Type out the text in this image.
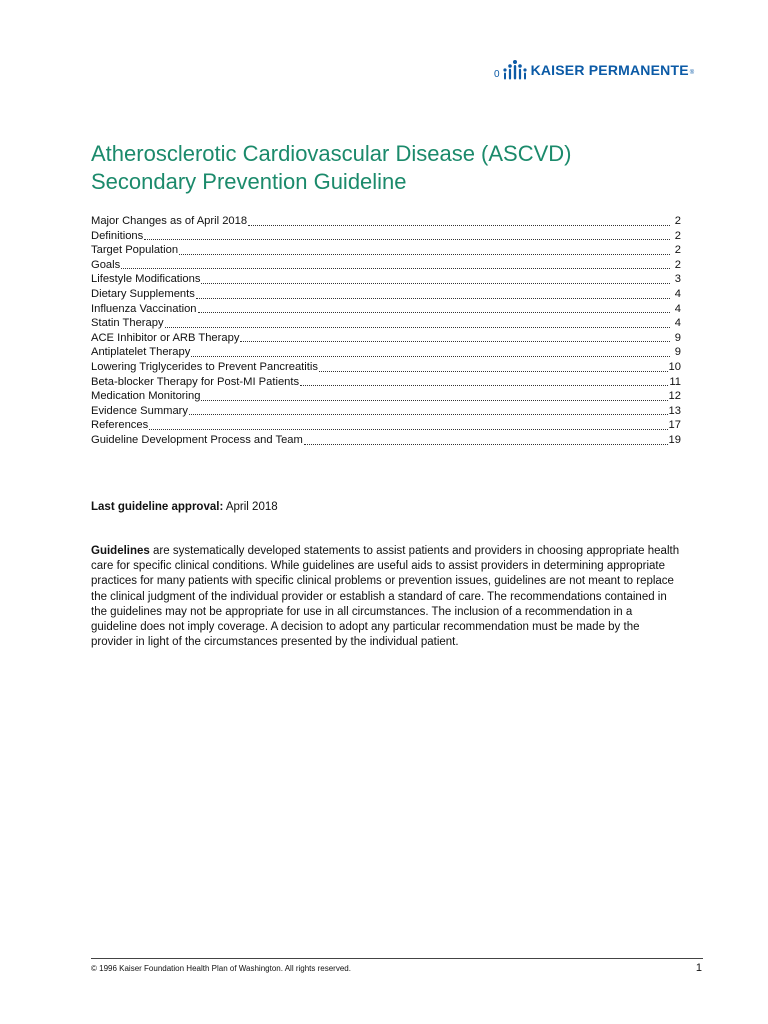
0 KAISER PERMANENTE ®
Atherosclerotic Cardiovascular Disease (ASCVD)
Secondary Prevention Guideline
Major Changes as of April 2018	2
Definitions	2
Target Population	2
Goals	2
Lifestyle Modifications	3
Dietary Supplements	4
Influenza Vaccination	4
Statin Therapy	4
ACE Inhibitor or ARB Therapy	9
Antiplatelet Therapy	9
Lowering Triglycerides to Prevent Pancreatitis	10
Beta-blocker Therapy for Post-MI Patients	11
Medication Monitoring	12
Evidence Summary	13
References	17
Guideline Development Process and Team	19

Last guideline approval: April 2018

Guidelines are systematically developed statements to assist patients and providers in choosing appropriate health care for specific clinical conditions. While guidelines are useful aids to assist providers in determining appropriate practices for many patients with specific clinical problems or prevention issues, guidelines are not meant to replace the clinical judgment of the individual provider or establish a standard of care. The recommendations contained in the guidelines may not be appropriate for use in all circumstances. The inclusion of a recommendation in a guideline does not imply coverage. A decision to adopt any particular recommendation must be made by the provider in light of the circumstances presented by the individual patient.

© 1996 Kaiser Foundation Health Plan of Washington. All rights reserved.	1
